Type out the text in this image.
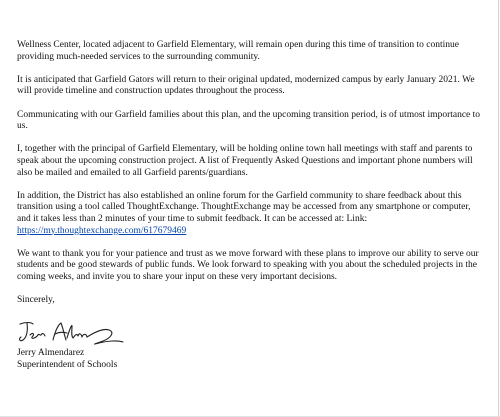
Wellness Center, located adjacent to Garfield Elementary, will remain open during this time of transition to continue providing much-needed services to the surrounding community.

It is anticipated that Garfield Gators will return to their original updated, modernized campus by early January 2021. We will provide timeline and construction updates throughout the process.

Communicating with our Garfield families about this plan, and the upcoming transition period, is of utmost importance to us.

I, together with the principal of Garfield Elementary, will be holding online town hall meetings with staff and parents to speak about the upcoming construction project. A list of Frequently Asked Questions and important phone numbers will also be mailed and emailed to all Garfield parents/guardians.

In addition, the District has also established an online forum for the Garfield community to share feedback about this transition using a tool called ThoughtExchange. ThoughtExchange may be accessed from any smartphone or computer, and it takes less than 2 minutes of your time to submit feedback. It can be accessed at: Link: https://my.thoughtexchange.com/617679469

We want to thank you for your patience and trust as we move forward with these plans to improve our ability to serve our students and be good stewards of public funds. We look forward to speaking with you about the scheduled projects in the coming weeks, and invite you to share your input on these very important decisions.

Sincerely,

Jerry Almendarez
Jerry Almendarez
Superintendent of Schools
